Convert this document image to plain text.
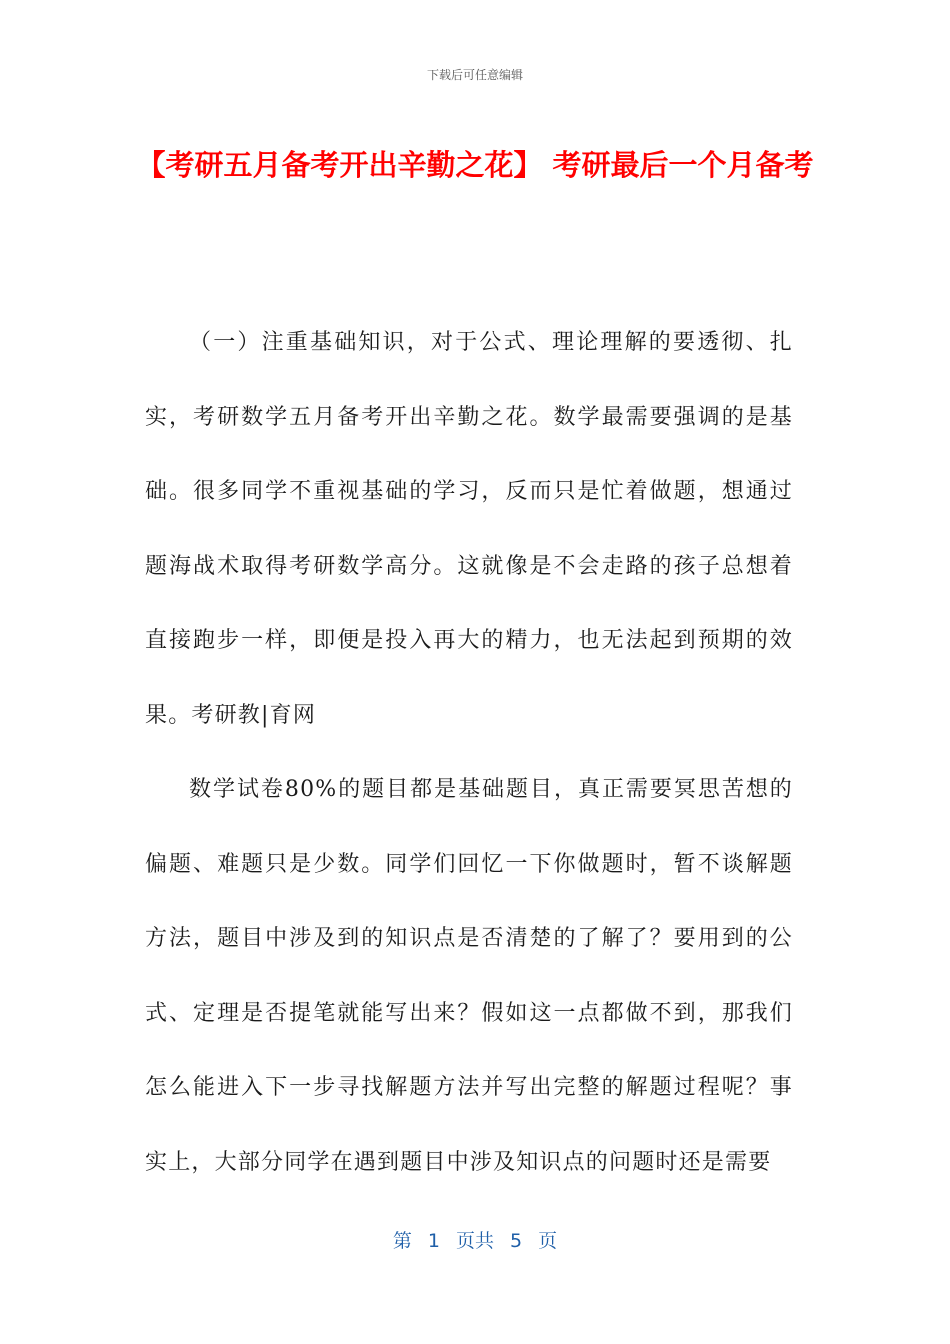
下载后可任意编辑
【考研五月备考开出辛勤之花】 考研最后一个月备考

（一）注重基础知识，对于公式、理论理解的要透彻、扎实，考研数学五月备考开出辛勤之花。数学最需要强调的是基础。很多同学不重视基础的学习，反而只是忙着做题，想通过题海战术取得考研数学高分。这就像是不会走路的孩子总想着直接跑步一样，即便是投入再大的精力，也无法起到预期的效果。考研教|育网

数学试卷80%的题目都是基础题目，真正需要冥思苦想的偏题、难题只是少数。同学们回忆一下你做题时，暂不谈解题方法，题目中涉及到的知识点是否清楚的了解了？要用到的公式、定理是否提笔就能写出来？假如这一点都做不到，那我们怎么能进入下一步寻找解题方法并写出完整的解题过程呢？事实上，大部分同学在遇到题目中涉及知识点的问题时还是需要

第 1 页共 5 页
